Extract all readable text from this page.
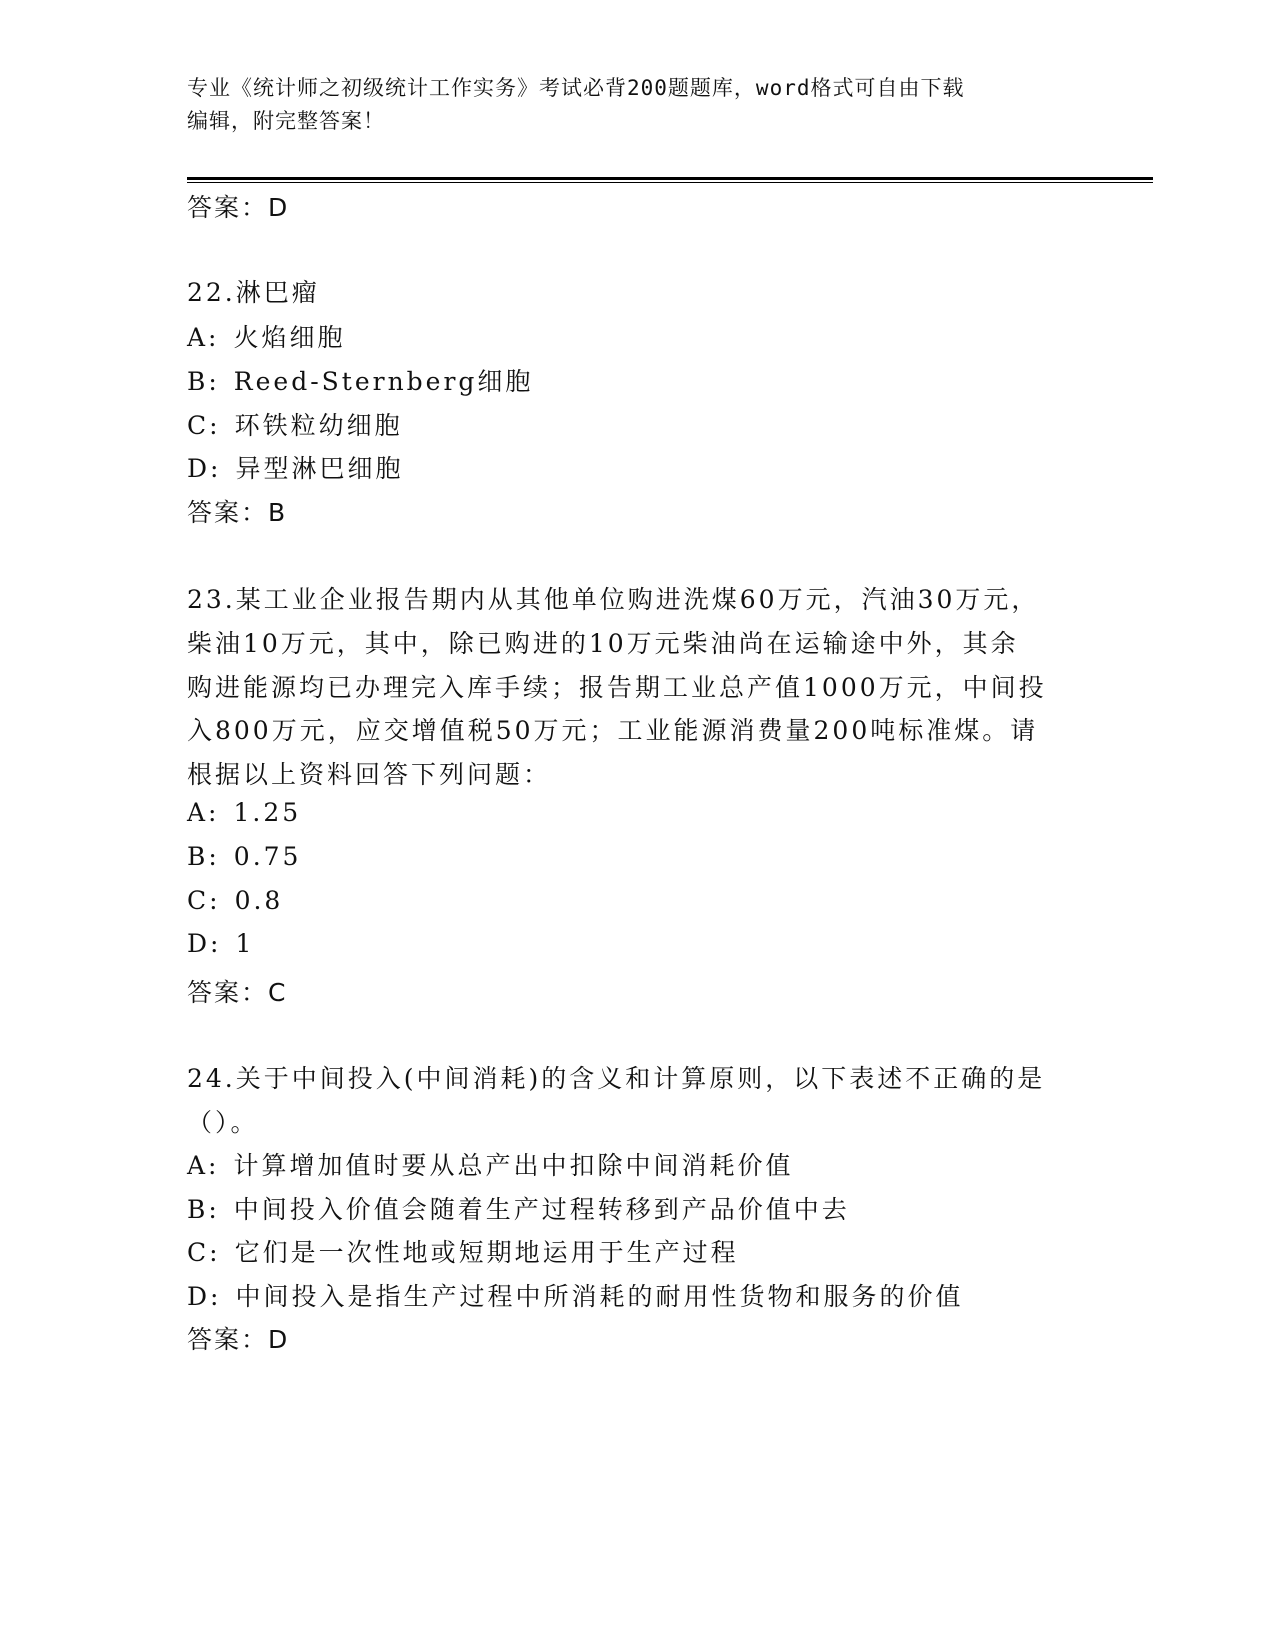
专业《统计师之初级统计工作实务》考试必背200题题库，word格式可自由下载
编辑，附完整答案！
答案：D
22.淋巴瘤
A: 火焰细胞
B: Reed-Sternberg细胞
C: 环铁粒幼细胞
D: 异型淋巴细胞
答案：B
23.某工业企业报告期内从其他单位购进洗煤60万元，汽油30万元，
柴油10万元，其中，除已购进的10万元柴油尚在运输途中外，其余
购进能源均已办理完入库手续；报告期工业总产值1000万元，中间投
入800万元，应交增值税50万元；工业能源消费量200吨标准煤。请
根据以上资料回答下列问题：
A: 1.25
B: 0.75
C: 0.8
D: 1
答案：C
24.关于中间投入(中间消耗)的含义和计算原则，以下表述不正确的是
（）。
A: 计算增加值时要从总产出中扣除中间消耗价值
B: 中间投入价值会随着生产过程转移到产品价值中去
C: 它们是一次性地或短期地运用于生产过程
D: 中间投入是指生产过程中所消耗的耐用性货物和服务的价值
答案：D
